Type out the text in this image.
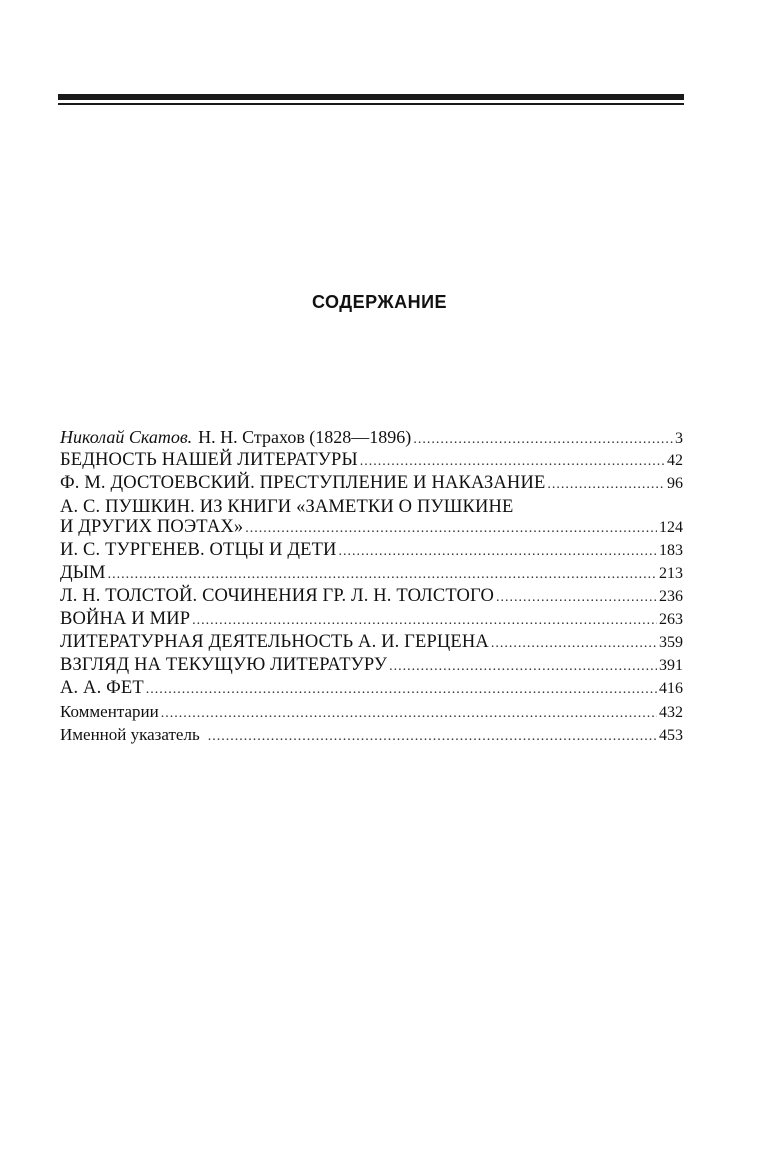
СОДЕРЖАНИЕ
Николай Скатов. Н. Н. Страхов (1828—1896) .....	3
БЕДНОСТЬ НАШЕЙ ЛИТЕРАТУРЫ .....	42
Ф. М. ДОСТОЕВСКИЙ. ПРЕСТУПЛЕНИЕ И НАКАЗАНИЕ .....	96
А. С. ПУШКИН. ИЗ КНИГИ «ЗАМЕТКИ О ПУШКИНЕ
И ДРУГИХ ПОЭТАХ» .....	124
И. С. ТУРГЕНЕВ. ОТЦЫ И ДЕТИ .....	183
ДЫМ .....	213
Л. Н. ТОЛСТОЙ. СОЧИНЕНИЯ ГР. Л. Н. ТОЛСТОГО .....	236
ВОЙНА И МИР .....	263
ЛИТЕРАТУРНАЯ ДЕЯТЕЛЬНОСТЬ А. И. ГЕРЦЕНА .....	359
ВЗГЛЯД НА ТЕКУЩУЮ ЛИТЕРАТУРУ .....	391
А. А. ФЕТ .....	416
Комментарии .....	432
Именной указатель .....	453
